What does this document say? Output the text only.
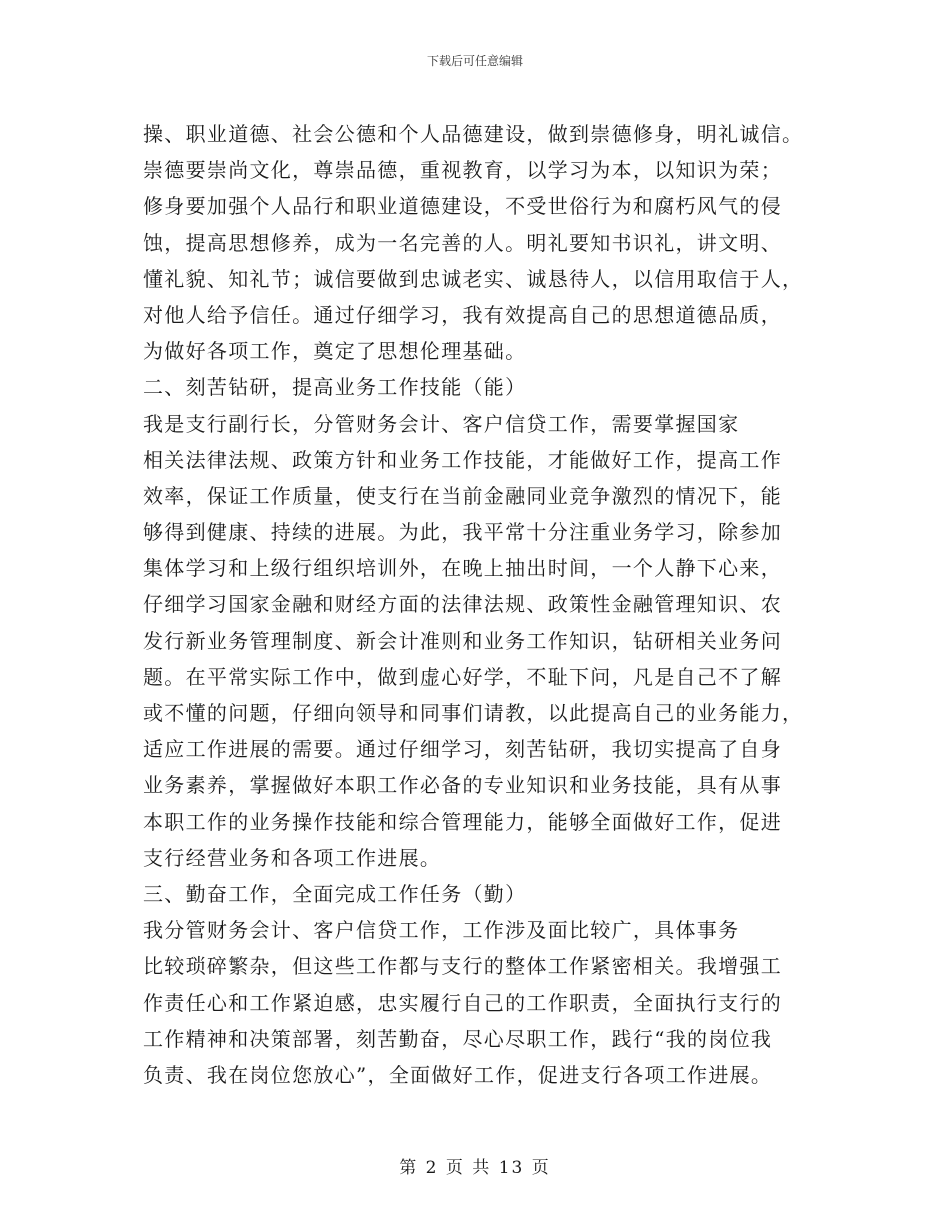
下载后可任意编辑
操、职业道德、社会公德和个人品德建设，做到崇德修身，明礼诚信。
崇德要崇尚文化，尊崇品德，重视教育，以学习为本，以知识为荣；
修身要加强个人品行和职业道德建设，不受世俗行为和腐朽风气的侵
蚀，提高思想修养，成为一名完善的人。明礼要知书识礼，讲文明、
懂礼貌、知礼节；诚信要做到忠诚老实、诚恳待人，以信用取信于人，
对他人给予信任。通过仔细学习，我有效提高自己的思想道德品质，
为做好各项工作，奠定了思想伦理基础。
二、刻苦钻研，提高业务工作技能（能）
我是支行副行长，分管财务会计、客户信贷工作，需要掌握国家
相关法律法规、政策方针和业务工作技能，才能做好工作，提高工作
效率，保证工作质量，使支行在当前金融同业竞争激烈的情况下，能
够得到健康、持续的进展。为此，我平常十分注重业务学习，除参加
集体学习和上级行组织培训外，在晚上抽出时间，一个人静下心来，
仔细学习国家金融和财经方面的法律法规、政策性金融管理知识、农
发行新业务管理制度、新会计准则和业务工作知识，钻研相关业务问
题。在平常实际工作中，做到虚心好学，不耻下问，凡是自己不了解
或不懂的问题，仔细向领导和同事们请教，以此提高自己的业务能力，
适应工作进展的需要。通过仔细学习，刻苦钻研，我切实提高了自身
业务素养，掌握做好本职工作必备的专业知识和业务技能，具有从事
本职工作的业务操作技能和综合管理能力，能够全面做好工作，促进
支行经营业务和各项工作进展。
三、勤奋工作，全面完成工作任务（勤）
我分管财务会计、客户信贷工作，工作涉及面比较广，具体事务
比较琐碎繁杂，但这些工作都与支行的整体工作紧密相关。我增强工
作责任心和工作紧迫感，忠实履行自己的工作职责，全面执行支行的
工作精神和决策部署，刻苦勤奋，尽心尽职工作，践行“我的岗位我
负责、我在岗位您放心”，全面做好工作，促进支行各项工作进展。
第 2 页 共 13 页
